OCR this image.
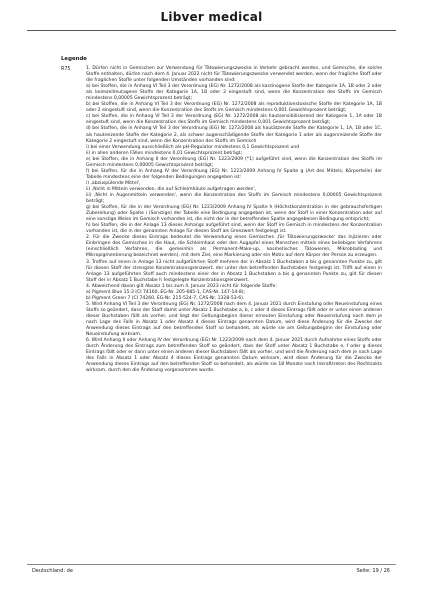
Libver medical
Legende
R75	1. Dürfen nicht in Gemischen zur Verwendung für Tätowierungszwecke in Verkehr gebracht werden, und Gemische, die solche Stoffe enthalten, dürfen nach dem 4. Januar 2022 nicht für Tätowierungszwecke verwendet werden, wenn der fragliche Stoff oder die fraglichen Stoffe unter folgenden Umständen vorhanden sind:

a) bei Stoffen, die in Anhang VI Teil 3 der Verordnung (EG) Nr. 1272/2008 als karzinogene Stoffe der Kategorie 1A, 1B oder 2 oder als keimzellmutagene Stoffe der Kategorie 1A, 1B oder 2 eingestuft sind, wenn die Konzentration des Stoffs im Gemisch mindestens 0,00005 Gewichtsprozent beträgt;

b) bei Stoffen, die in Anhang VI Teil 3 der Verordnung (EG) Nr. 1272/2008 als reproduktionstoxische Stoffe der Kategorie 1A, 1B oder 2 eingestuft sind, wenn die Konzentration des Stoffs im Gemisch mindestens 0,001 Gewichtsprozent beträgt;

c) bei Stoffen, die in Anhang VI Teil 3 der Verordnung (EG) Nr. 1272/2008 als hautsensibilisierend der Kategorie 1, 1A oder 1B eingestuft sind, wenn die Konzentration des Stoffs im Gemisch mindestens 0,001 Gewichtsprozent beträgt;

d) bei Stoffen, die in Anhang VI Teil 3 der Verordnung (EG) Nr. 1272/2008 als hautätzende Stoffe der Kategorie 1, 1A, 1B oder 1C, als hautreizende Stoffe der Kategorie 2, als schwer augenschädigende Stoffe der Kategorie 1 oder als augenreizende Stoffe der Kategorie 2 eingestuft sind, wenn die Konzentration des Stoffs im Gemisch

i) bei einer Verwendung ausschließlich als pH-Regulator mindestens 0,1 Gewichtsprozent und

ii) in allen anderen Fällen mindestens 0,01 Gewichtsprozent beträgt;

e) bei Stoffen, die in Anhang II der Verordnung (EG) Nr. 1223/2009 (*1) aufgeführt sind, wenn die Konzentration des Stoffs im Gemisch mindestens 0,00005 Gewichtsprozent beträgt;

f) bei Stoffen, für die in Anhang IV der Verordnung (EG) Nr. 1223/2009 Anhang IV Spalte g (Art des Mittels, Körperteile) der Tabelle mindestens eine der folgenden Bedingungen angegeben ist:

i) ‚abzuspülende Mittel',

ii) ‚Nicht in Mitteln verwenden, die auf Schleimhäute aufgetragen werden',

iii) ‚Nicht in Augenmitteln verwenden', wenn die Konzentration des Stoffs im Gemisch mindestens 0,00005 Gewichtsprozent beträgt;

g) bei Stoffen, für die in der Verordnung (EG) Nr. 1223/2009 Anhang IV Spalte h (Höchstkonzentration in der gebrauchsfertigen Zubereitung) oder Spalte i (Sonstige) der Tabelle eine Bedingung angegeben ist, wenn der Stoff in einer Konzentration oder auf eine sonstige Weise im Gemisch vorhanden ist, die nicht der in der betreffenden Spalte angegebenen Bedingung entspricht;

h) bei Stoffen, die in der Anlage 13 dieses Anhangs aufgeführt sind, wenn der Stoff im Gemisch in mindestens der Konzentration vorhanden ist, die in der genannten Anlage für diesen Stoff als Grenzwert festgelegt ist.

2. Für die Zwecke dieses Eintrags bedeutet die Verwendung eines Gemisches ‚für Tätowierungszwecke' das Injizieren oder Einbringen des Gemisches in die Haut, die Schleimhaut oder den Augapfel eines Menschen mittels eines beliebigen Verfahrens (einschließlich Verfahren, die gemeinhin als Permanent-Make-up, kosmetisches Tätowieren, Mikroblading und Mikropigmentierung bezeichnet werden), mit dem Ziel, eine Markierung oder ein Motiv auf dem Körper der Person zu erzeugen.

3. Treffen auf einen in Anlage 13 nicht aufgeführten Stoff mehrere der in Absatz 1 Buchstaben a bis g genannten Punkte zu, gilt für diesen Stoff der strengste Konzentrationsgrenzwert, der unter den betreffenden Buchstaben festgelegt ist. Trifft auf einen in Anlage 13 aufgeführten Stoff auch mindestens einer der in Absatz 1 Buchstaben a bis g genannten Punkte zu, gilt für diesen Stoff der in Absatz 1 Buchstabe h festgelegte Konzentrationsgrenzwert.

4. Abweichend davon gilt Absatz 1 bis zum 4. Januar 2023 nicht für folgende Stoffe:

a) Pigment Blue 15:3 (CI 74160, EG-Nr. 205-685-1, CAS-Nr. 147-14-8);

b) Pigment Green 7 (CI 74260, EG-Nr. 215-524-7, CAS-Nr. 1328-53-6).

5. Wird Anhang VI Teil 3 der Verordnung (EG) Nr. 1272/2008 nach dem 4. Januar 2021 durch Einstufung oder Neueinstufung eines Stoffs so geändert, dass der Stoff damit unter Absatz 1 Buchstabe a, b, c oder d dieses Eintrags fällt oder er unter einen anderen dieser Buchstaben fällt als vorher, und liegt der Geltungsbeginn dieser erneuten Einstufung oder Neueinstufung nach dem je nach Lage des Falls in Absatz 1 oder Absatz 4 dieses Eintrags genannten Datum, wird diese Änderung für die Zwecke der Anwendung dieses Eintrags auf den betreffenden Stoff so behandelt, als würde sie am Geltungsbeginn der Einstufung oder Neueinstufung wirksam.

6. Wird Anhang II oder Anhang IV der Verordnung (EG) Nr. 1223/2009 nach dem 4. Januar 2021 durch Aufnahme eines Stoffs oder durch Änderung des Eintrags zum betreffenden Stoff so geändert, dass der Stoff unter Absatz 1 Buchstabe e, f oder g dieses Eintrags fällt oder er dann unter einen anderen dieser Buchstaben fällt als vorher, und wird die Änderung nach dem je nach Lage des Falls in Absatz 1 oder Absatz 4 dieses Eintrags genannten Datum wirksam, wird diese Änderung für die Zwecke der Anwendung dieses Eintrags auf den betreffenden Stoff so behandelt, als würde sie 18 Monate nach Inkrafttreten des Rechtsakts wirksam, durch den die Änderung vorgenommen wurde.

Deutschland: de	Seite: 19 / 26
